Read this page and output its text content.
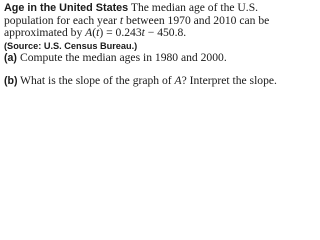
Age in the United States The median age of the U.S. population for each year t between 1970 and 2010 can be approximated by A(t) = 0.243t − 450.8.

(Source: U.S. Census Bureau.)

(a) Compute the median ages in 1980 and 2000.
(b) What is the slope of the graph of A? Interpret the slope.
